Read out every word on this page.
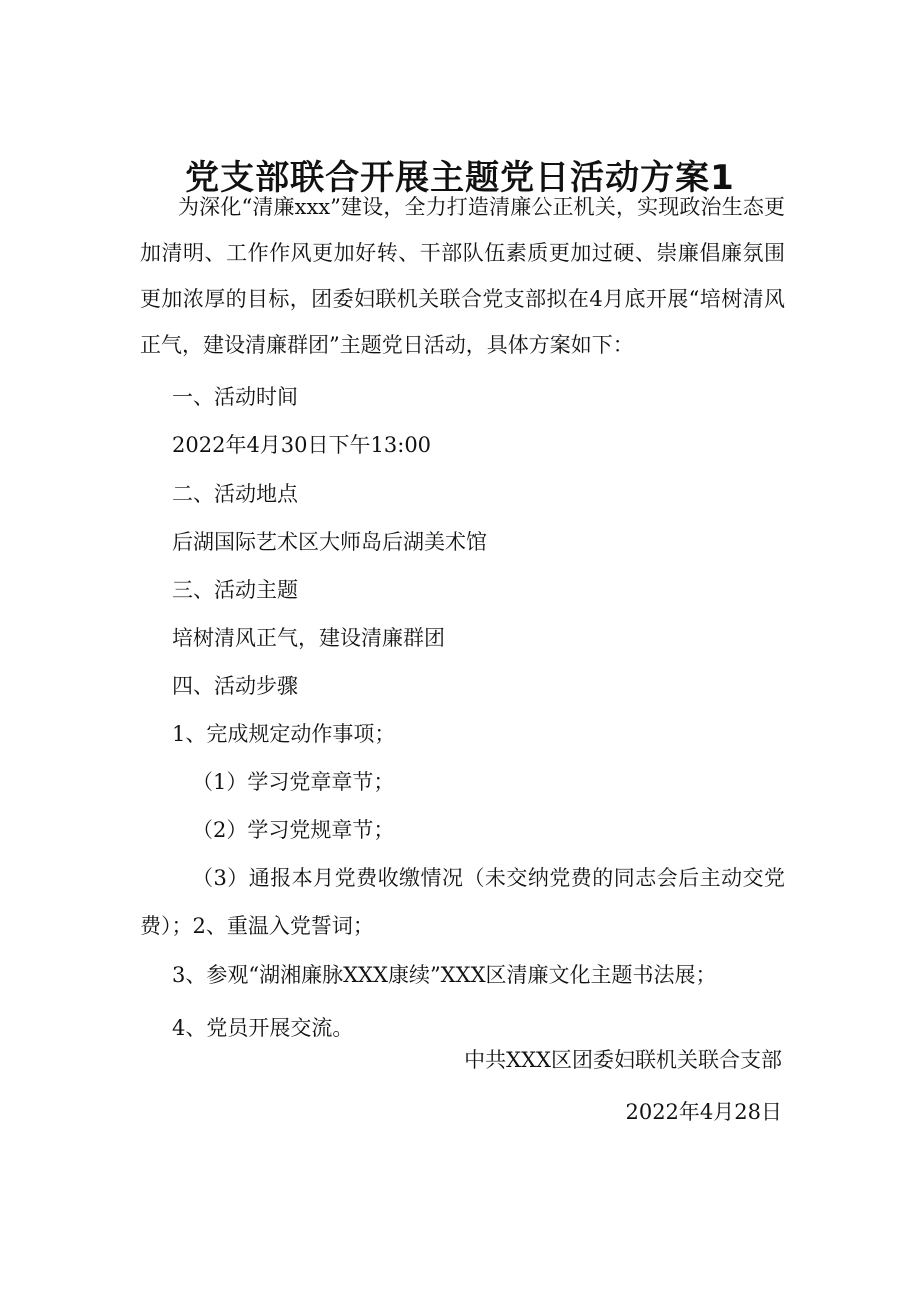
党支部联合开展主题党日活动方案1

为深化“清廉xxx”建设，全力打造清廉公正机关，实现政治生态更加清明、工作作风更加好转、干部队伍素质更加过硬、崇廉倡廉氛围更加浓厚的目标，团委妇联机关联合党支部拟在4月底开展“培树清风正气，建设清廉群团”主题党日活动，具体方案如下：

一、活动时间

2022年4月30日下午13:00

二、活动地点

后湖国际艺术区大师岛后湖美术馆

三、活动主题

培树清风正气，建设清廉群团

四、活动步骤

1、完成规定动作事项；

（1）学习党章章节；

（2）学习党规章节；

（3）通报本月党费收缴情况（未交纳党费的同志会后主动交党费）；2、重温入党誓词；

3、参观“湖湘廉脉XXX康续”XXX区清廉文化主题书法展；

4、党员开展交流。

中共XXX区团委妇联机关联合支部

2022年4月28日
